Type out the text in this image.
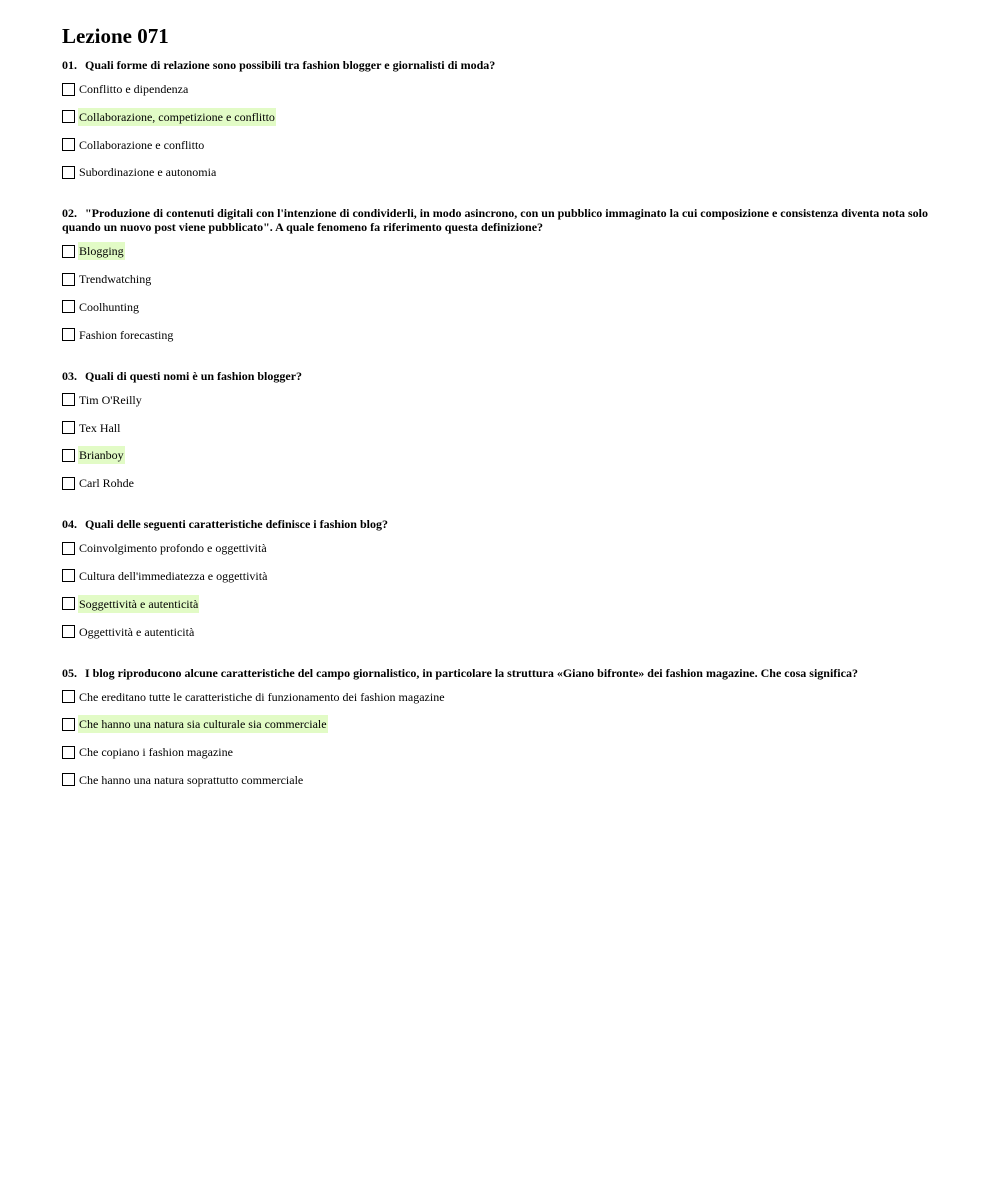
Lezione 071
01. Quali forme di relazione sono possibili tra fashion blogger e giornalisti di moda?
Conflitto e dipendenza
Collaborazione, competizione e conflitto
Collaborazione e conflitto
Subordinazione e autonomia
02. "Produzione di contenuti digitali con l'intenzione di condividerli, in modo asincrono, con un pubblico immaginato la cui composizione e consistenza diventa nota solo quando un nuovo post viene pubblicato". A quale fenomeno fa riferimento questa definizione?
Blogging
Trendwatching
Coolhunting
Fashion forecasting
03. Quali di questi nomi è un fashion blogger?
Tim O'Reilly
Tex Hall
Brianboy
Carl Rohde
04. Quali delle seguenti caratteristiche definisce i fashion blog?
Coinvolgimento profondo e oggettività
Cultura dell'immediatezza e oggettività
Soggettività e autenticità
Oggettività e autenticità
05. I blog riproducono alcune caratteristiche del campo giornalistico, in particolare la struttura «Giano bifronte» dei fashion magazine. Che cosa significa?
Che ereditano tutte le caratteristiche di funzionamento dei fashion magazine
Che hanno una natura sia culturale sia commerciale
Che copiano i fashion magazine
Che hanno una natura soprattutto commerciale
